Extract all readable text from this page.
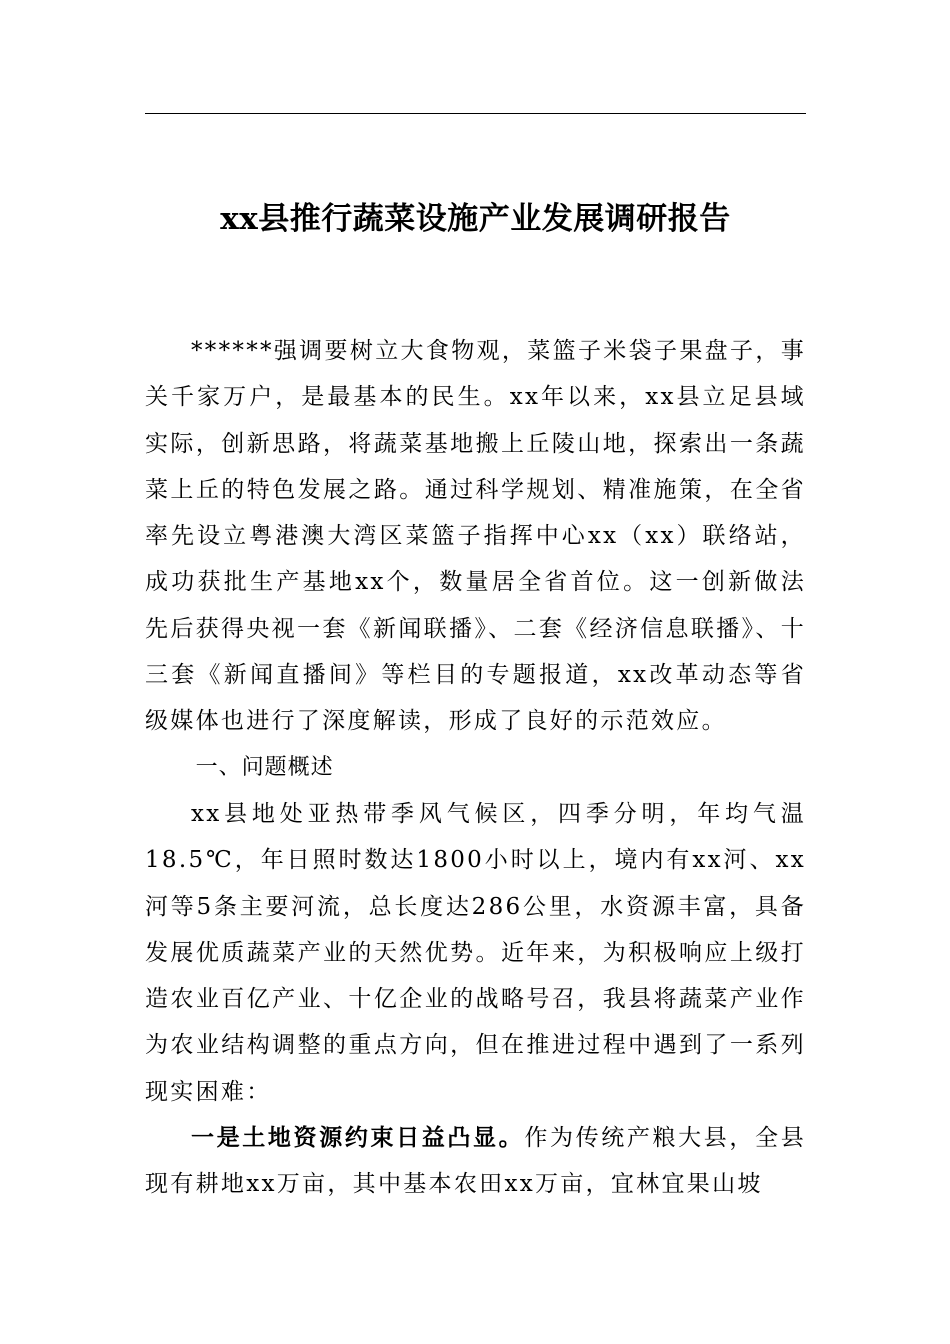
xx县推行蔬菜设施产业发展调研报告

******强调要树立大食物观，菜篮子米袋子果盘子，事关千家万户，是最基本的民生。xx年以来，xx县立足县域实际，创新思路，将蔬菜基地搬上丘陵山地，探索出一条蔬菜上丘的特色发展之路。通过科学规划、精准施策，在全省率先设立粤港澳大湾区菜篮子指挥中心xx（xx）联络站，成功获批生产基地xx个，数量居全省首位。这一创新做法先后获得央视一套《新闻联播》、二套《经济信息联播》、十三套《新闻直播间》等栏目的专题报道，xx改革动态等省级媒体也进行了深度解读，形成了良好的示范效应。

一、问题概述

xx县地处亚热带季风气候区，四季分明，年均气温18.5℃，年日照时数达1800小时以上，境内有xx河、xx河等5条主要河流，总长度达286公里，水资源丰富，具备发展优质蔬菜产业的天然优势。近年来，为积极响应上级打造农业百亿产业、十亿企业的战略号召，我县将蔬菜产业作为农业结构调整的重点方向，但在推进过程中遇到了一系列现实困难：

一是土地资源约束日益凸显。作为传统产粮大县，全县现有耕地xx万亩，其中基本农田xx万亩，宜林宜果山坡
